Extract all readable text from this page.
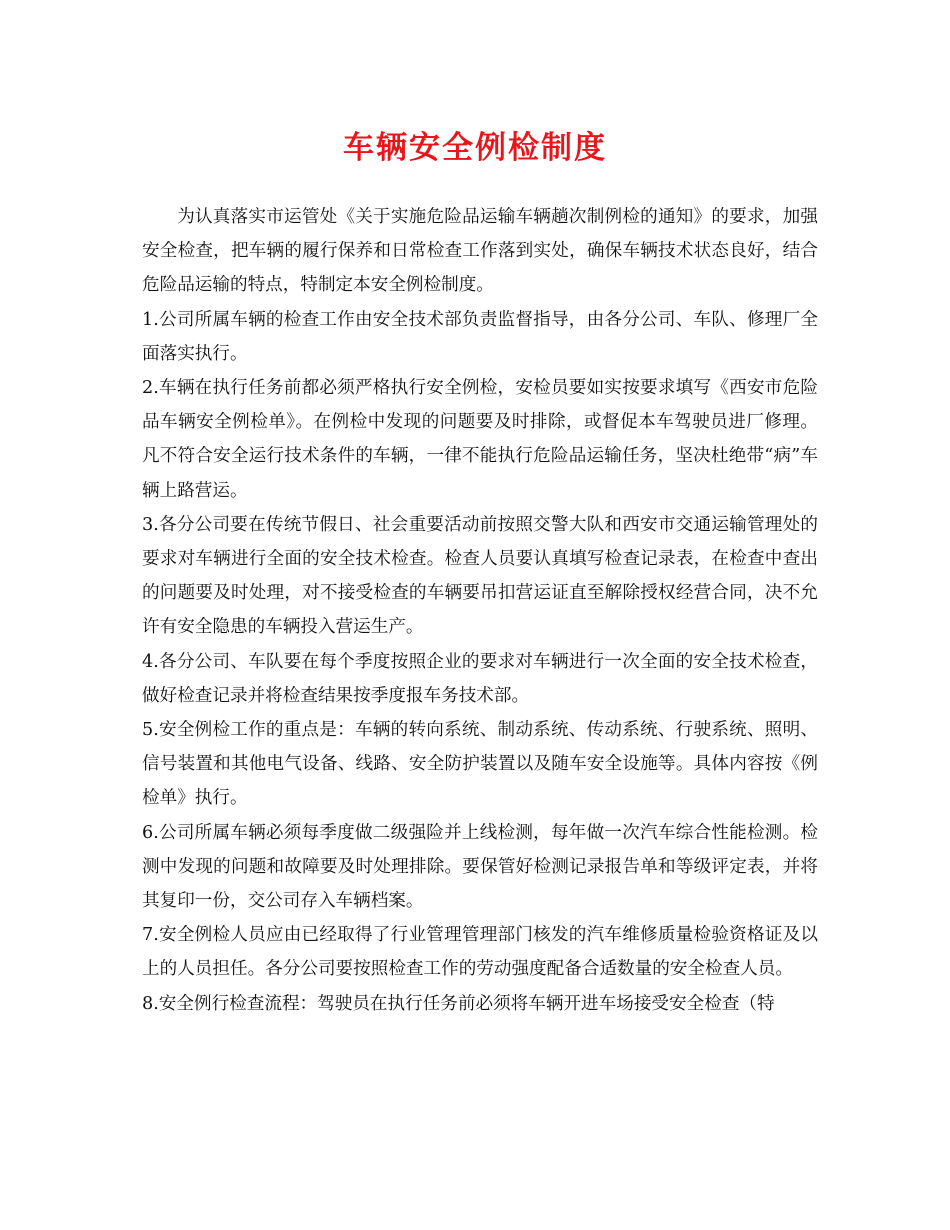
车辆安全例检制度

为认真落实市运管处《关于实施危险品运输车辆趟次制例检的通知》的要求，加强安全检查，把车辆的履行保养和日常检查工作落到实处，确保车辆技术状态良好，结合危险品运输的特点，特制定本安全例检制度。

1.公司所属车辆的检查工作由安全技术部负责监督指导，由各分公司、车队、修理厂全面落实执行。

2.车辆在执行任务前都必须严格执行安全例检，安检员要如实按要求填写《西安市危险品车辆安全例检单》。在例检中发现的问题要及时排除，或督促本车驾驶员进厂修理。凡不符合安全运行技术条件的车辆，一律不能执行危险品运输任务，坚决杜绝带“病”车辆上路营运。

3.各分公司要在传统节假日、社会重要活动前按照交警大队和西安市交通运输管理处的要求对车辆进行全面的安全技术检查。检查人员要认真填写检查记录表，在检查中查出的问题要及时处理，对不接受检查的车辆要吊扣营运证直至解除授权经营合同，决不允许有安全隐患的车辆投入营运生产。

4.各分公司、车队要在每个季度按照企业的要求对车辆进行一次全面的安全技术检查，做好检查记录并将检查结果按季度报车务技术部。

5.安全例检工作的重点是：车辆的转向系统、制动系统、传动系统、行驶系统、照明、信号装置和其他电气设备、线路、安全防护装置以及随车安全设施等。具体内容按《例检单》执行。

6.公司所属车辆必须每季度做二级强险并上线检测，每年做一次汽车综合性能检测。检测中发现的问题和故障要及时处理排除。要保管好检测记录报告单和等级评定表，并将其复印一份，交公司存入车辆档案。

7.安全例检人员应由已经取得了行业管理管理部门核发的汽车维修质量检验资格证及以上的人员担任。各分公司要按照检查工作的劳动强度配备合适数量的安全检查人员。

8.安全例行检查流程：驾驶员在执行任务前必须将车辆开进车场接受安全检查（特
